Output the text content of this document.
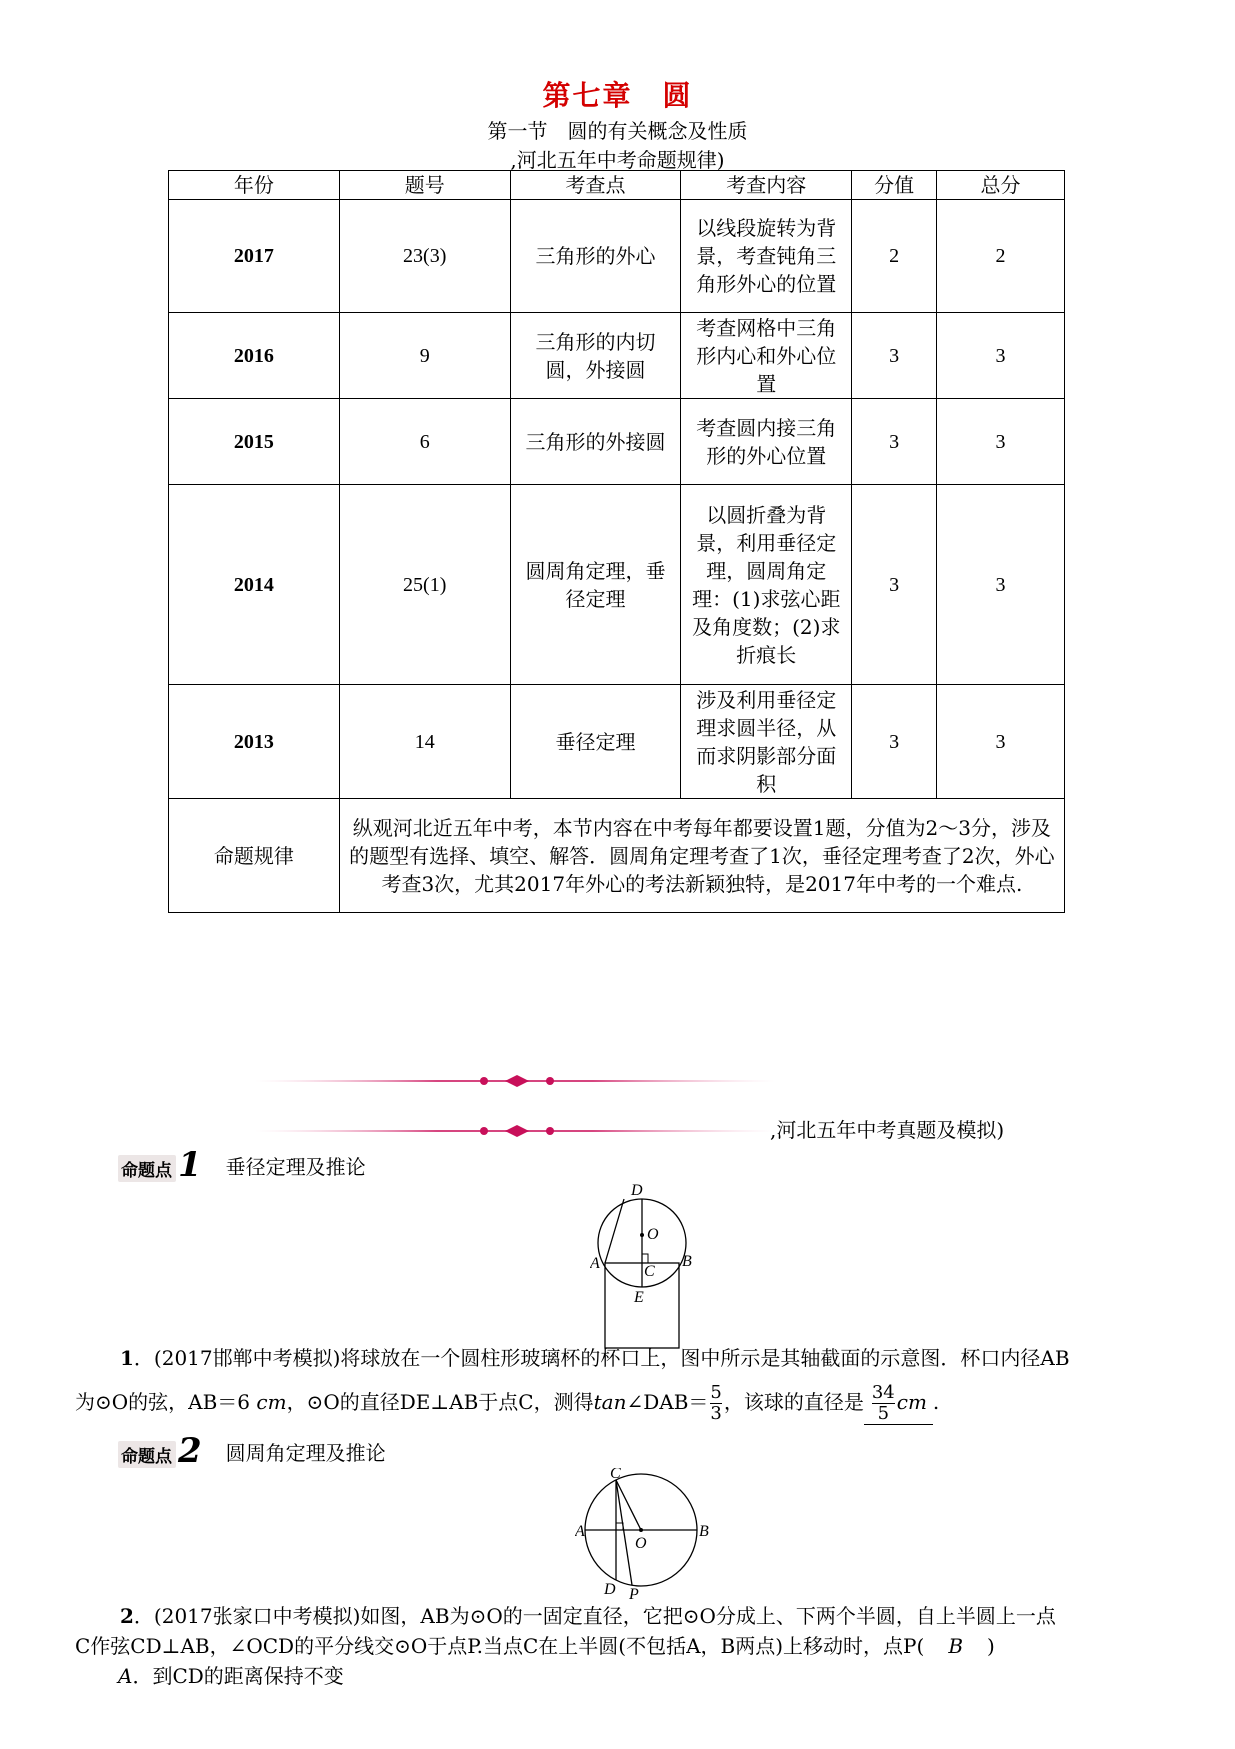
第七章　圆
第一节　圆的有关概念及性质
,河北五年中考命题规律)
年份	题号	考查点	考查内容	分值	总分
2017	23(3)	三角形的外心	以线段旋转为背景，考查钝角三角形外心的位置	2	2
2016	9	三角形的内切圆，外接圆	考查网格中三角形内心和外心位置	3	3
2015	6	三角形的外接圆	考查圆内接三角形的外心位置	3	3
2014	25(1)	圆周角定理，垂径定理	以圆折叠为背景，利用垂径定理，圆周角定理：(1)求弦心距及角度数；(2)求折痕长	3	3
2013	14	垂径定理	涉及利用垂径定理求圆半径，从而求阴影部分面积	3	3
命题规律	纵观河北近五年中考，本节内容在中考每年都要设置1题，分值为2～3分，涉及的题型有选择、填空、解答．圆周角定理考查了1次，垂径定理考查了2次，外心考查3次，尤其2017年外心的考法新颖独特，是2017年中考的一个难点.				
,河北五年中考真题及模拟)
命题点 1 垂径定理及推论
D
O
A	C
B
E
1．(2017邯郸中考模拟)将球放在一个圆柱形玻璃杯的杯口上，图中所示是其轴截面的示意图．杯口内径AB
为⊙O的弦，AB＝6 cm，⊙O的直径DE⊥AB于点C，测得tan∠DAB＝ $\frac{5}{3}$ ，该球的直径是 $\frac{34}{5}$ cm .
命题点 2 圆周角定理及推论
C
A
O
B
D P
2．(2017张家口中考模拟)如图，AB为⊙O的一固定直径，它把⊙O分成上、下两个半圆，自上半圆上一点
C作弦CD⊥AB，∠OCD的平分线交⊙O于点P.当点C在上半圆(不包括A，B两点)上移动时，点P( B )
A．到CD的距离保持不变
